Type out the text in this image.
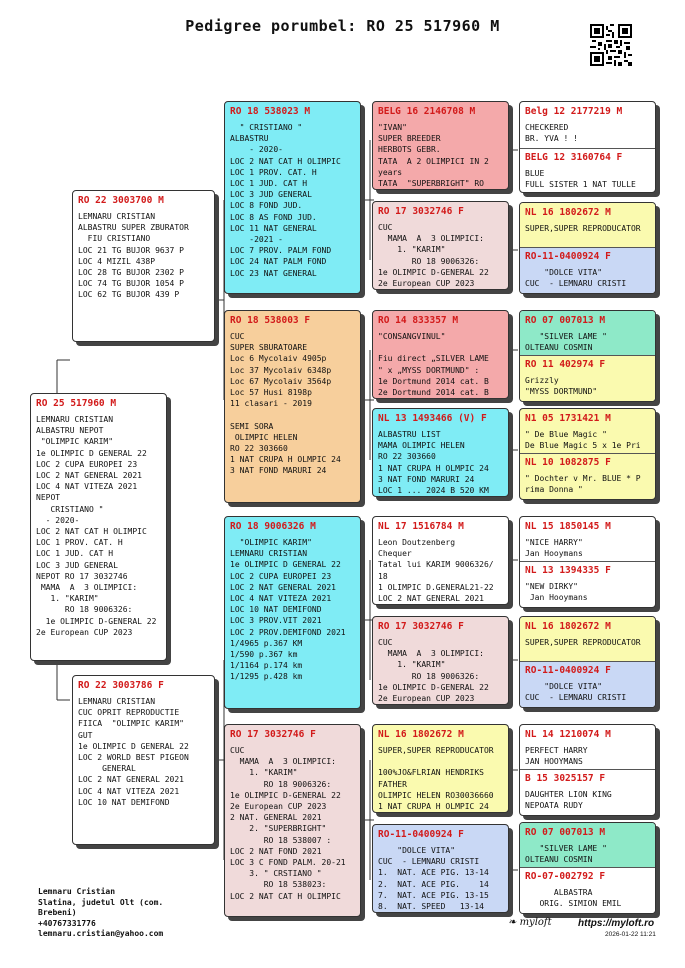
Pedigree porumbel: RO 25 517960 M
RO 25 517960 M
LEMNARU CRISTIAN
ALBASTRU NEPOT
"OLIMPIC KARIM"
1e OLIMPIC D GENERAL 22
LOC 2 CUPA EUROPEI 23
LOC 2 NAT GENERAL 2021
LOC 4 NAT VITEZA 2021
NEPOT
CRISTIANO "
- 2020-
LOC 2 NAT CAT H OLIMPIC
LOC 1 PROV. CAT. H
LOC 1 JUD. CAT H
LOC 3 JUD GENERAL
NEPOT RO 17 3032746
MAMA  A  3 OLIMPICI:
1. "KARIM"
RO 18 9006326:
1e OLIMPIC D-GENERAL 22
2e European CUP 2023
RO 22 3003700 M
LEMNARU CRISTIAN
ALBASTRU SUPER ZBURATOR
FIU CRISTIANO
LOC 21 TG BUJOR 9637 P
LOC 4 MIZIL 438P
LOC 28 TG BUJOR 2302 P
LOC 74 TG BUJOR 1054 P
LOC 62 TG BUJOR 439 P
RO 22 3003786 F
LEMNARU CRISTIAN
CUC OPRIT REPRODUCTIE
FIICA  "OLIMPIC KARIM"
GUT
1e OLIMPIC D GENERAL 22
LOC 2 WORLD BEST PIGEON
GENERAL
LOC 2 NAT GENERAL 2021
LOC 4 NAT VITEZA 2021
LOC 10 NAT DEMIFOND
RO 18 538023 M
" CRISTIANO "
ALBASTRU
- 2020-
LOC 2 NAT CAT H OLIMPIC
LOC 1 PROV. CAT. H
LOC 1 JUD. CAT H
LOC 3 JUD GENERAL
LOC 8 FOND JUD.
LOC 8 AS FOND JUD.
LOC 11 NAT GENERAL
-2021 -
LOC 7 PROV. PALM FOND
LOC 24 NAT PALM FOND
LOC 23 NAT GENERAL
RO 18 538003 F
CUC
SUPER SBURATOARE
Loc 6 Mycolaiv 4905p
Loc 37 Mycolaiv 6348p
Loc 67 Mycolaiv 3564p
Loc 57 Husi 8198p
11 clasari - 2019

SEMI SORA
OLIMPIC HELEN
RO 22 303660
1 NAT CRUPA H OLMPIC 24
3 NAT FOND MARURI 24
RO 18 9006326 M
"OLIMPIC KARIM"
LEMNARU CRISTIAN
1e OLIMPIC D GENERAL 22
LOC 2 CUPA EUROPEI 23
LOC 2 NAT GENERAL 2021
LOC 4 NAT VITEZA 2021
LOC 10 NAT DEMIFOND
LOC 3 PROV.VIT 2021
LOC 2 PROV.DEMIFOND 2021
1/4965 p.367 KM
1/590 p.367 km
1/1164 p.174 km
1/1295 p.428 km
RO 17 3032746 F
CUC
MAMA  A  3 OLIMPICI:
1. "KARIM"
RO 18 9006326:
1e OLIMPIC D-GENERAL 22
2e European CUP 2023
2 NAT. GENERAL 2021
2. "SUPERBRIGHT"
RO 18 538007 :
LOC 2 NAT FOND 2021
LOC 3 C FOND PALM. 20-21
3. " CRSTIANO "
RO 18 538023:
LOC 2 NAT CAT H OLIMPIC
BELG 16 2146708 M
"IVAN"
SUPER BREEDER
HERBOTS GEBR.
TATA  A 2 OLIMPICI IN 2
years
TATA  "SUPERBRIGHT" RO
RO 17 3032746 F
CUC
MAMA  A  3 OLIMPICI:
1. "KARIM"
RO 18 9006326:
1e OLIMPIC D-GENERAL 22
2e European CUP 2023
RO 14 833357 M
"CONSANGVINUL"

Fiu direct „SILVER LAME
" x „MYSS DORTMUND" :
1e Dortmund 2014 cat. B
2e Dortmund 2014 cat. B
NL 13 1493466 (V) F
ALBASTRU LIST
MAMA OLIMPIC HELEN
RO 22 303660
1 NAT CRUPA H OLMPIC 24
3 NAT FOND MARURI 24
LOC 1 ... 2024 B 520 KM
NL 17 1516784 M
Leon Doutzenberg
Chequer
Tatal lui KARIM 9006326/
18
1 OLIMPIC D.GENERAL21-22
LOC 2 NAT GENERAL 2021
RO 17 3032746 F
CUC
MAMA  A  3 OLIMPICI:
1. "KARIM"
RO 18 9006326:
1e OLIMPIC D-GENERAL 22
2e European CUP 2023
NL 16 1802672 M
SUPER,SUPER REPRODUCATOR

100%JO&FLRIAN HENDRIKS
FATHER
OLIMPIC HELEN RO30036660
1 NAT CRUPA H OLMPIC 24
RO-11-0400924 F
"DOLCE VITA"
CUC  - LEMNARU CRISTI
1.  NAT. ACE PIG. 13-14
2.  NAT. ACE PIG.    14
7.  NAT. ACE PIG. 13-15
8.  NAT. SPEED   13-14
Belg 12 2177219 M
CHECKERED
BR. YVA ! !
BELG 12 3160764 F
BLUE
FULL SISTER 1 NAT TULLE
NL 16 1802672 M
SUPER,SUPER REPRODUCATOR
RO-11-0400924 F
"DOLCE VITA"
CUC  - LEMNARU CRISTI
RO 07 007013 M
"SILVER LAME "
OLTEANU COSMIN
RO 11 402974 F
Grizzly
"MYSS DORTMUND"
N1 05 1731421 M
" De Blue Magic "
De Blue Magic 5 x 1e Pri
NL 10 1082875 F
" Dochter v Mr. BLUE * P
rima Donna "
NL 15 1850145 M
"NICE HARRY"
Jan Hooymans
NL 13 1394335 F
"NEW DIRKY"
Jan Hooymans
NL 16 1802672 M
SUPER,SUPER REPRODUCATOR
RO-11-0400924 F
"DOLCE VITA"
CUC  - LEMNARU CRISTI
NL 14 1210074 M
PERFECT HARRY
JAN HOOYMANS
B 15 3025157 F
DAUGHTER LION KING
NEPOATA RUDY
RO 07 007013 M
"SILVER LAME "
OLTEANU COSMIN
RO-07-002792 F
ALBASTRA
ORIG. SIMION EMIL
Lemnaru Cristian
Slatina, judetul Olt (com.
Brebeni)
+40767331776
lemnaru.cristian@yahoo.com
❧ myloft	https://myloft.ro
2026-01-22 11:21
